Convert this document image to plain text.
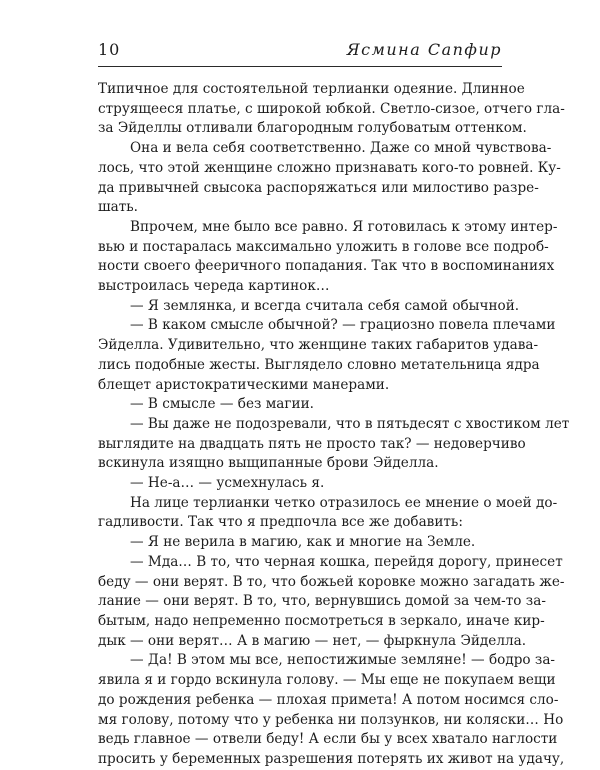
10	Ясмина Сапфир

Типичное для состоятельной терлианки одеяние. Длинное
струящееся платье, с широкой юбкой. Светло-сизое, отчего гла-
за Эйделлы отливали благородным голубоватым оттенком.

Она и вела себя соответственно. Даже со мной чувствова-
лось, что этой женщине сложно признавать кого-то ровней. Ку-
да привычней свысока распоряжаться или милостиво разре-
шать.

Впрочем, мне было все равно. Я готовилась к этому интер-
вью и постаралась максимально уложить в голове все подроб-
ности своего фееричного попадания. Так что в воспоминаниях
выстроилась череда картинок…

— Я землянка, и всегда считала себя самой обычной.

— В каком смысле обычной? — грациозно повела плечами
Эйделла. Удивительно, что женщине таких габаритов удава-
лись подобные жесты. Выглядело словно метательница ядра
блещет аристократическими манерами.

— В смысле — без магии.

— Вы даже не подозревали, что в пятьдесят с хвостиком лет
выглядите на двадцать пять не просто так? — недоверчиво
вскинула изящно выщипанные брови Эйделла.

— Не-а… — усмехнулась я.

На лице терлианки четко отразилось ее мнение о моей до-
гадливости. Так что я предпочла все же добавить:

— Я не верила в магию, как и многие на Земле.

— Мда… В то, что черная кошка, перейдя дорогу, принесет
беду — они верят. В то, что божьей коровке можно загадать же-
лание — они верят. В то, что, вернувшись домой за чем-то за-
бытым, надо непременно посмотреться в зеркало, иначе кир-
дык — они верят… А в магию — нет, — фыркнула Эйделла.

— Да! В этом мы все, непостижимые земляне! — бодро за-
явила я и гордо вскинула голову. — Мы еще не покупаем вещи
до рождения ребенка — плохая примета! А потом носимся сло-
мя голову, потому что у ребенка ни ползунков, ни коляски… Но
ведь главное — отвели беду! А если бы у всех хватало наглости
просить у беременных разрешения потерять их живот на удачу,
